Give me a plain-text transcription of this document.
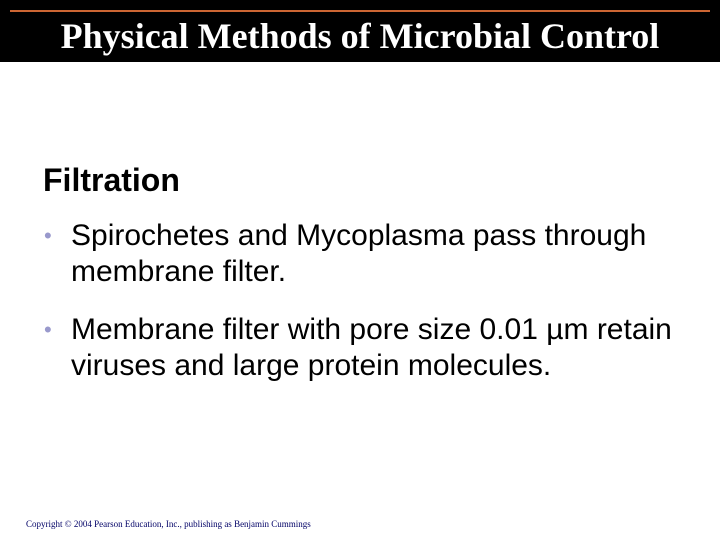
Physical Methods of Microbial Control
Filtration
• Spirochetes and Mycoplasma pass through membrane filter.
• Membrane filter with pore size 0.01 µm retain viruses and large protein molecules.
Copyright © 2004 Pearson Education, Inc., publishing as Benjamin Cummings
